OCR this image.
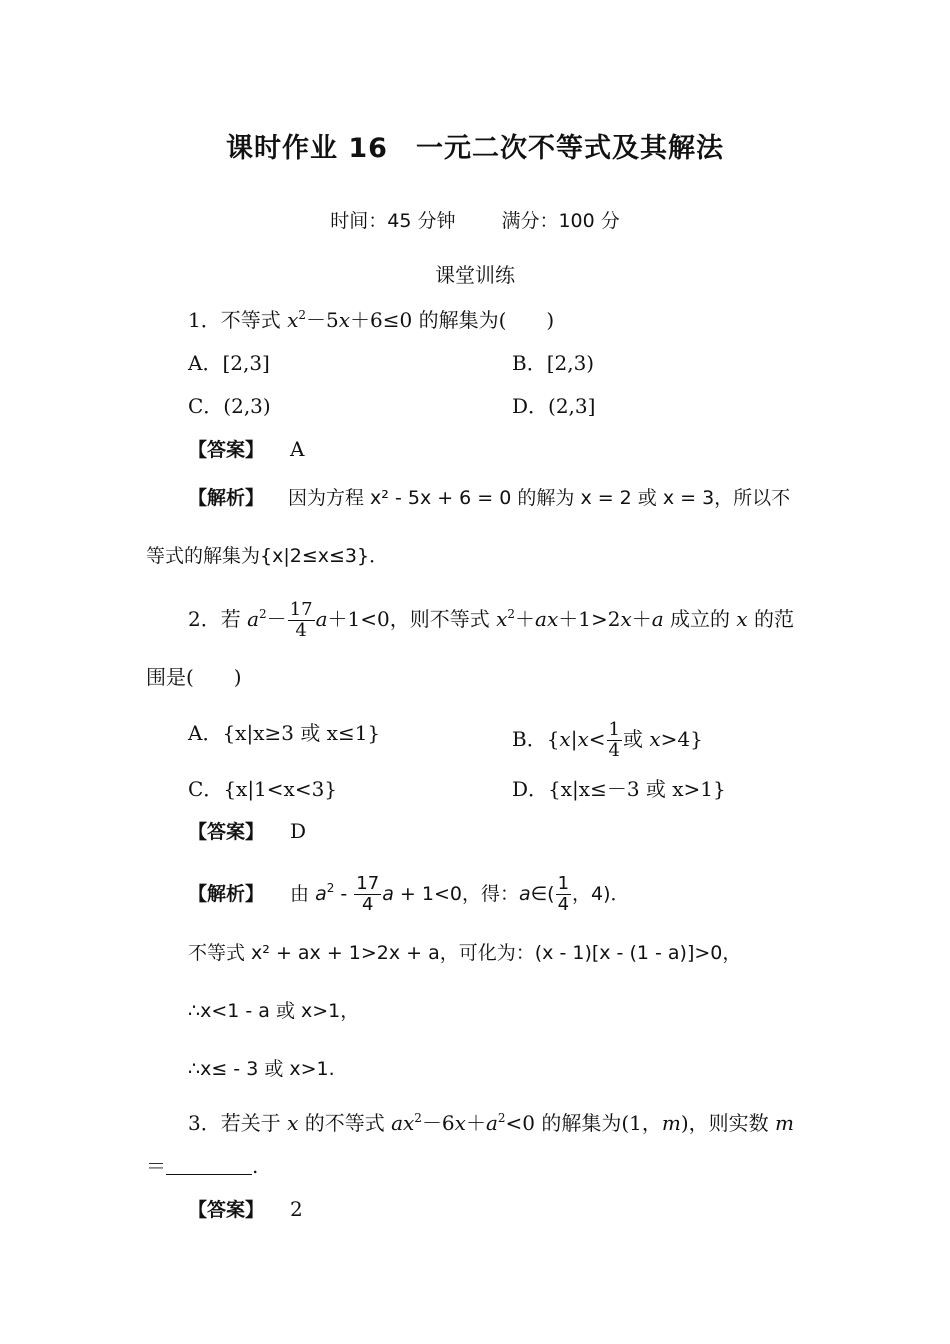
课时作业 16　一元二次不等式及其解法
时间：45 分钟 满分：100 分
课堂训练
1．不等式 $x^2-5x+6\le 0$ 的解集为(　　)
A．[2,3]	B．[2,3)
C．(2,3)	D．(2,3]
【答案】 A
【解析】 因为方程 x² - 5x + 6 = 0 的解为 x = 2 或 x = 3，所以不
等式的解集为{x|2≤x≤3}．
2．若 $a^2- \frac{17}{4} a+1<0$，则不等式 $x^2+ax+1>2x+a$ 成立的 x 的范
围是(　　)
A．{x|x≥3 或 x≤1}	B．{$x|x< \frac{1}{4}$ 或 x>4}
C．{x|1<x<3}	D．{x|x≤－3 或 x>1}
【答案】 D
【解析】 由 $a^2 - \frac{17}{4}$ a + 1<0，得：a∈( $\frac{1}{4}$ ，4)．
不等式 x² + ax + 1>2x + a，可化为：(x - 1)[x - (1 - a)]>0，
∴x<1 - a 或 x>1，
∴x≤ - 3 或 x>1.
3．若关于 x 的不等式 $ax^2-6x+a^2<0$ 的解集为(1，m)，则实数 m
＝	.
【答案】 2
